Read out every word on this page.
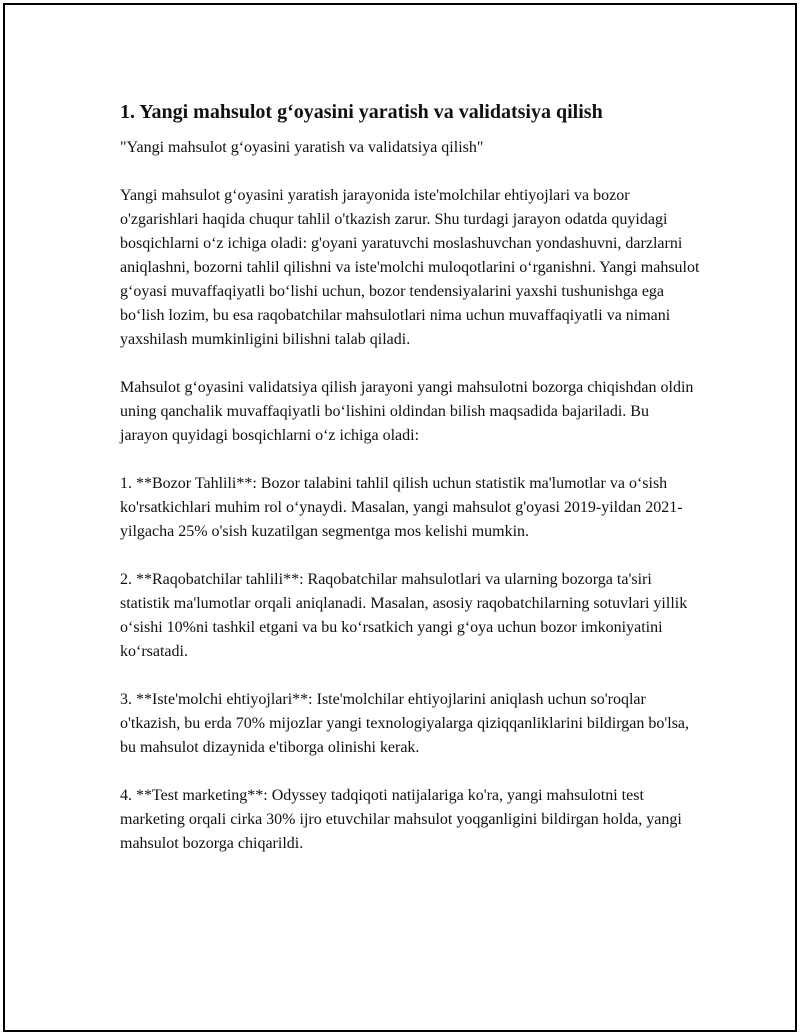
1. Yangi mahsulot g‘oyasini yaratish va validatsiya qilish

"Yangi mahsulot g‘oyasini yaratish va validatsiya qilish"

Yangi mahsulot g‘oyasini yaratish jarayonida iste'molchilar ehtiyojlari va bozor o'zgarishlari haqida chuqur tahlil o'tkazish zarur. Shu turdagi jarayon odatda quyidagi bosqichlarni o‘z ichiga oladi: g'oyani yaratuvchi moslashuvchan yondashuvni, darzlarni aniqlashni, bozorni tahlil qilishni va iste'molchi muloqotlarini o‘rganishni. Yangi mahsulot g‘oyasi muvaffaqiyatli bo‘lishi uchun, bozor tendensiyalarini yaxshi tushunishga ega bo‘lish lozim, bu esa raqobatchilar mahsulotlari nima uchun muvaffaqiyatli va nimani yaxshilash mumkinligini bilishni talab qiladi.

Mahsulot g‘oyasini validatsiya qilish jarayoni yangi mahsulotni bozorga chiqishdan oldin uning qanchalik muvaffaqiyatli bo‘lishini oldindan bilish maqsadida bajariladi. Bu jarayon quyidagi bosqichlarni o‘z ichiga oladi:

1. **Bozor Tahlili**: Bozor talabini tahlil qilish uchun statistik ma'lumotlar va o‘sish ko'rsatkichlari muhim rol o‘ynaydi. Masalan, yangi mahsulot g'oyasi 2019-yildan 2021-yilgacha 25% o'sish kuzatilgan segmentga mos kelishi mumkin.

2. **Raqobatchilar tahlili**: Raqobatchilar mahsulotlari va ularning bozorga ta'siri statistik ma'lumotlar orqali aniqlanadi. Masalan, asosiy raqobatchilarning sotuvlari yillik o‘sishi 10%ni tashkil etgani va bu ko‘rsatkich yangi g‘oya uchun bozor imkoniyatini ko‘rsatadi.

3. **Iste'molchi ehtiyojlari**: Iste'molchilar ehtiyojlarini aniqlash uchun so'roqlar o'tkazish, bu erda 70% mijozlar yangi texnologiyalarga qiziqqanliklarini bildirgan bo'lsa, bu mahsulot dizaynida e'tiborga olinishi kerak.

4. **Test marketing**: Odyssey tadqiqoti natijalariga ko'ra, yangi mahsulotni test marketing orqali cirka 30% ijro etuvchilar mahsulot yoqganligini bildirgan holda, yangi mahsulot bozorga chiqarildi.
